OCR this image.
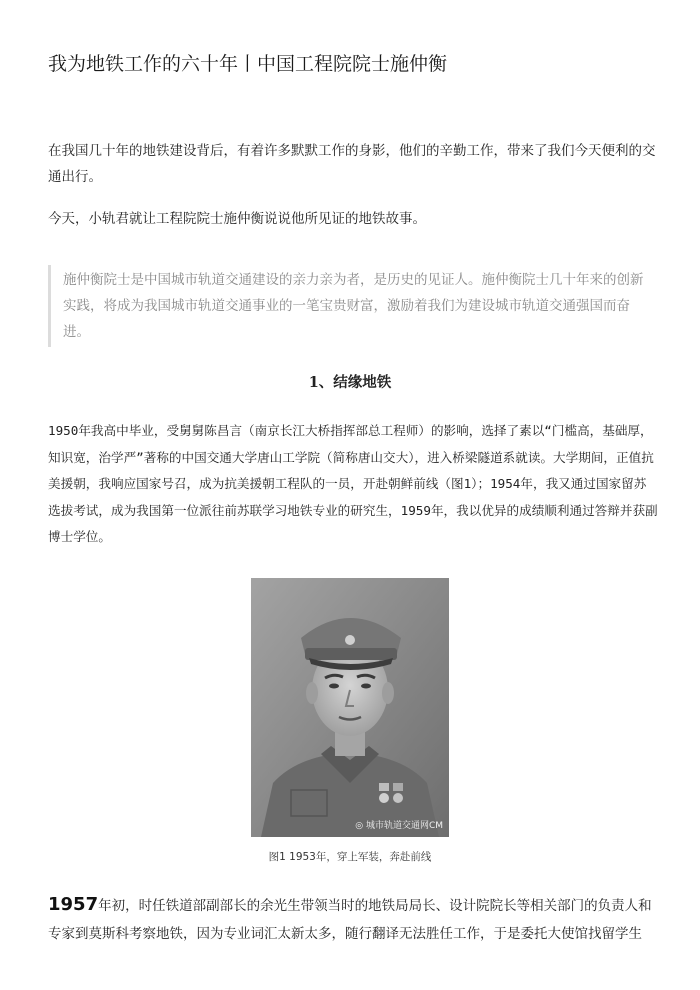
我为地铁工作的六十年丨中国工程院院士施仲衡

在我国几十年的地铁建设背后，有着许多默默工作的身影，他们的辛勤工作，带来了我们今天便利的交通出行。

今天，小轨君就让工程院院士施仲衡说说他所见证的地铁故事。

施仲衡院士是中国城市轨道交通建设的亲力亲为者，是历史的见证人。施仲衡院士几十年来的创新实践，将成为我国城市轨道交通事业的一笔宝贵财富，激励着我们为建设城市轨道交通强国而奋进。

1、结缘地铁

1950年我高中毕业，受舅舅陈昌言（南京长江大桥指挥部总工程师）的影响，选择了素以“门槛高，基础厚，知识宽，治学严”著称的中国交通大学唐山工学院（简称唐山交大），进入桥梁隧道系就读。大学期间，正值抗美援朝，我响应国家号召，成为抗美援朝工程队的一员，开赴朝鲜前线（图1）；1954年，我又通过国家留苏选拔考试，成为我国第一位派往前苏联学习地铁专业的研究生，1959年，我以优异的成绩顺利通过答辩并获副博士学位。

◎ 城市轨道交通网CM
图1 1953年，穿上军装，奔赴前线

1957年初，时任铁道部副部长的余光生带领当时的地铁局局长、设计院院长等相关部门的负责人和专家到莫斯科考察地铁，因为专业词汇太新太多，随行翻译无法胜任工作，于是委托大使馆找留学生
